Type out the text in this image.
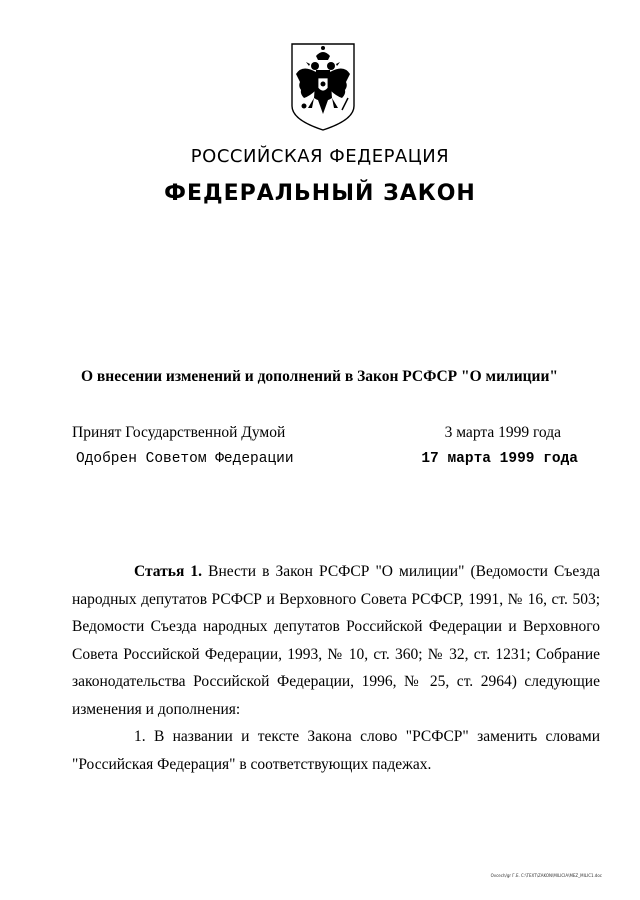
РОССИЙСКАЯ ФЕДЕРАЦИЯ
ФЕДЕРАЛЬНЫЙ ЗАКОН
О внесении изменений и дополнений в Закон РСФСР "О милиции"
Принят Государственной Думой	3 марта 1999 года
Одобрен Советом Федерации	17 марта 1999 года

Статья 1. Внести в Закон РСФСР "О милиции" (Ведомости Съезда народных депутатов РСФСР и Верховного Совета РСФСР, 1991, № 16, ст. 503; Ведомости Съезда народных депутатов Российской Федерации и Верховного Совета Российской Федерации, 1993, № 10, ст. 360; № 32, ст. 1231; Собрание законодательства Российской Федерации, 1996, № 25, ст. 2964) следующие изменения и дополнения:

1. В названии и тексте Закона слово "РСФСР" заменить словами "Российская Федерация" в соответствующих падежах.

Ovcech/gr Г.Е. C:\TEXT\ZAKON\MILICIA\MEZ_MILIC1.doc
